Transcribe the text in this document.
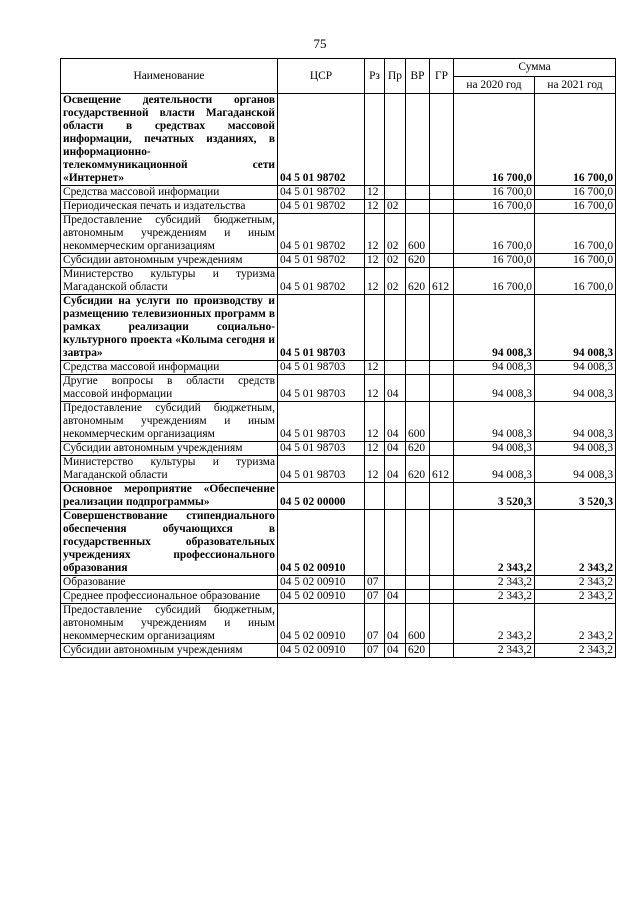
75
Наименование	ЦСР	Рз	Пр	ВР	ГР	Сумма	
						на 2020 год	на 2021 год
Освещение деятельности органов государственной власти Магаданской области в средствах массовой информации, печатных изданиях, в информационно-телекоммуникационной сети «Интернет»	04 5 01 98702					16 700,0	16 700,0
Средства массовой информации	04 5 01 98702	12				16 700,0	16 700,0
Периодическая печать и издательства	04 5 01 98702	12	02			16 700,0	16 700,0
Предоставление субсидий бюджетным, автономным учреждениям и иным некоммерческим организациям	04 5 01 98702	12	02	600		16 700,0	16 700,0
Субсидии автономным учреждениям	04 5 01 98702	12	02	620		16 700,0	16 700,0
Министерство культуры и туризма Магаданской области	04 5 01 98702	12	02	620	612	16 700,0	16 700,0
Субсидии на услуги по производству и размещению телевизионных программ в рамках реализации социально-культурного проекта «Колыма сегодня и завтра»	04 5 01 98703					94 008,3	94 008,3
Средства массовой информации	04 5 01 98703	12				94 008,3	94 008,3
Другие вопросы в области средств массовой информации	04 5 01 98703	12	04			94 008,3	94 008,3
Предоставление субсидий бюджетным, автономным учреждениям и иным некоммерческим организациям	04 5 01 98703	12	04	600		94 008,3	94 008,3
Субсидии автономным учреждениям	04 5 01 98703	12	04	620		94 008,3	94 008,3
Министерство культуры и туризма Магаданской области	04 5 01 98703	12	04	620	612	94 008,3	94 008,3
Основное мероприятие «Обеспечение реализации подпрограммы»	04 5 02 00000					3 520,3	3 520,3
Совершенствование стипендиального обеспечения обучающихся в государственных образовательных учреждениях профессионального образования	04 5 02 00910					2 343,2	2 343,2
Образование	04 5 02 00910	07				2 343,2	2 343,2
Среднее профессиональное образование	04 5 02 00910	07	04			2 343,2	2 343,2
Предоставление субсидий бюджетным, автономным учреждениям и иным некоммерческим организациям	04 5 02 00910	07	04	600		2 343,2	2 343,2
Субсидии автономным учреждениям	04 5 02 00910	07	04	620		2 343,2	2 343,2
